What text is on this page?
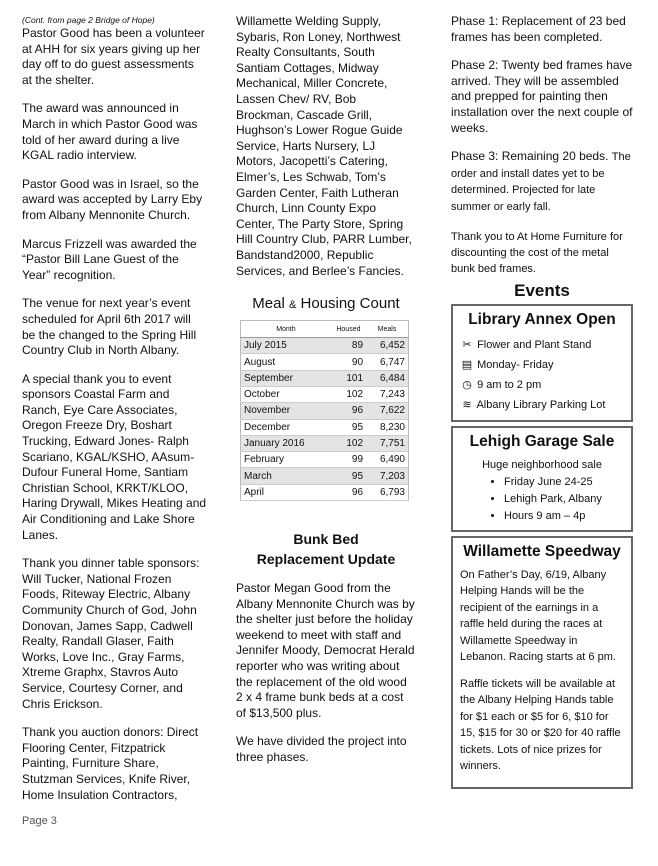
(Cont. from page 2 Bridge of Hope)

Pastor Good has been a volunteer at AHH for six years giving up her day off to do guest assessments at the shelter.

The award was announced in March in which Pastor Good was told of her award during a live KGAL radio interview.

Pastor Good was in Israel, so the award was accepted by Larry Eby from Albany Mennonite Church.

Marcus Frizzell was awarded the “Pastor Bill Lane Guest of the Year” recognition.

The venue for next year’s event scheduled for April 6th 2017 will be the changed to the Spring Hill Country Club in North Albany.

A special thank you to event sponsors Coastal Farm and Ranch, Eye Care Associates, Oregon Freeze Dry, Boshart Trucking, Edward Jones- Ralph Scariano, KGAL/KSHO, AAsum-Dufour Funeral Home, Santiam Christian School, KRKT/KLOO, Haring Drywall, Mikes Heating and Air Conditioning and Lake Shore Lanes.

Thank you dinner table sponsors: Will Tucker, National Frozen Foods, Riteway Electric, Albany Community Church of God, John Donovan, James Sapp, Cadwell Realty, Randall Glaser, Faith Works, Love Inc., Gray Farms, Xtreme Graphx, Stavros Auto Service, Courtesy Corner, and Chris Erickson.

Thank you auction donors: Direct Flooring Center, Fitzpatrick Painting, Furniture Share, Stutzman Services, Knife River, Home Insulation Contractors,

Page 3

Willamette Welding Supply, Sybaris, Ron Loney, Northwest Realty Consultants, South Santiam Cottages, Midway Mechanical, Miller Concrete, Lassen Chev/ RV, Bob Brockman, Cascade Grill, Hughson’s Lower Rogue Guide Service, Harts Nursery, LJ Motors, Jacopetti’s Catering, Elmer’s, Les Schwab, Tom’s Garden Center, Faith Lutheran Church, Linn County Expo Center, The Party Store, Spring Hill Country Club, PARR Lumber, Bandstand2000, Republic Services, and Berlee’s Fancies.

Meal & Housing Count
Month	Housed	Meals
July 2015	89	6,452
August	90	6,747
September	101	6,484
October	102	7,243
November	96	7,622
December	95	8,230
January 2016	102	7,751
February	99	6,490
March	95	7,203
April	96	6,793
Bunk Bed
Replacement Update

Pastor Megan Good from the Albany Mennonite Church was by the shelter just before the holiday weekend to meet with staff and Jennifer Moody, Democrat Herald reporter who was writing about the replacement of the old wood 2 x 4 frame bunk beds at a cost of $13,500 plus.

We have divided the project into three phases.

Phase 1: Replacement of 23 bed frames has been completed.

Phase 2: Twenty bed frames have arrived. They will be assembled and prepped for painting then installation over the next couple of weeks.

Phase 3: Remaining 20 beds. The order and install dates yet to be determined. Projected for late summer or early fall.

Thank you to At Home Furniture for discounting the cost of the metal bunk bed frames.

Events
Library Annex Open
✂ Flower and Plant Stand
▤ Monday- Friday
◷ 9 am to 2 pm
≋ Albany Library Parking Lot
Lehigh Garage Sale
Huge neighborhood sale
• Friday June 24-25
• Lehigh Park, Albany
• Hours 9 am – 4p
Willamette Speedway

On Father’s Day, 6/19, Albany Helping Hands will be the recipient of the earnings in a raffle held during the races at Willamette Speedway in Lebanon. Racing starts at 6 pm.

Raffle tickets will be available at the Albany Helping Hands table for $1 each or $5 for 6, $10 for 15, $15 for 30 or $20 for 40 raffle tickets. Lots of nice prizes for winners.
